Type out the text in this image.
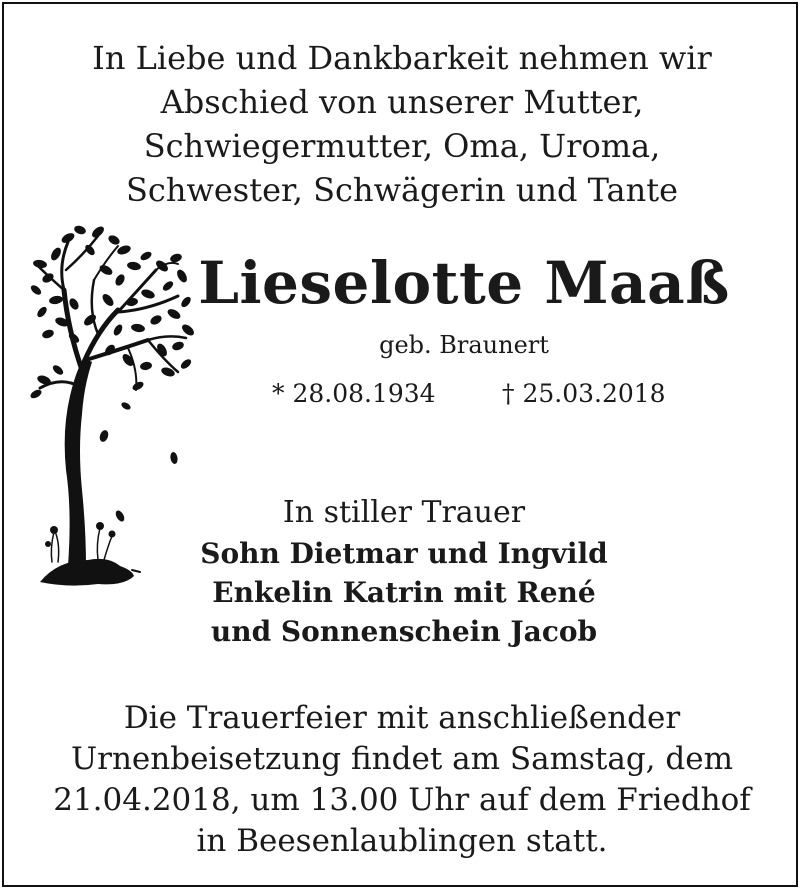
In Liebe und Dankbarkeit nehmen wir
Abschied von unserer Mutter,
Schwiegermutter, Oma, Uroma,
Schwester, Schwägerin und Tante
Lieselotte Maaß
geb. Braunert
* 28.08.1934	† 25.03.2018
In stiller Trauer
Sohn Dietmar und Ingvild
Enkelin Katrin mit René
und Sonnenschein Jacob
Die Trauerfeier mit anschließender
Urnenbeisetzung findet am Samstag, dem
21.04.2018, um 13.00 Uhr auf dem Friedhof
in Beesenlaublingen statt.
